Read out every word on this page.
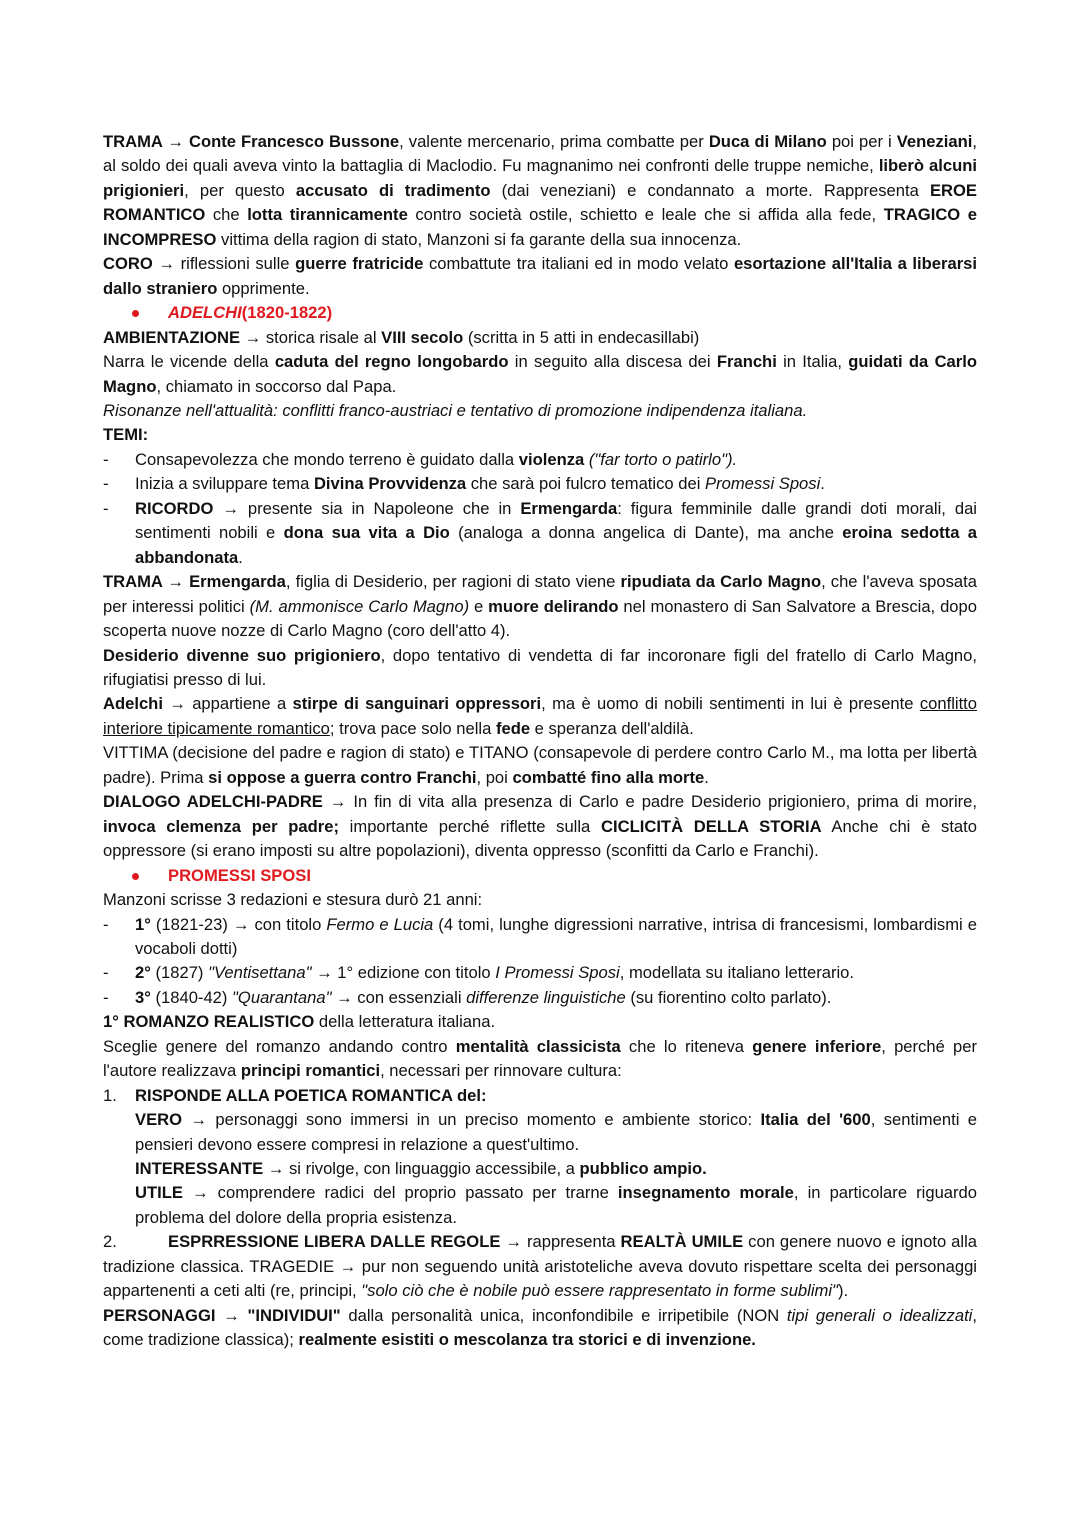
TRAMA → Conte Francesco Bussone, valente mercenario, prima combatte per Duca di Milano poi per i Veneziani, al soldo dei quali aveva vinto la battaglia di Maclodio. Fu magnanimo nei confronti delle truppe nemiche, liberò alcuni prigionieri, per questo accusato di tradimento (dai veneziani) e condannato a morte. Rappresenta EROE ROMANTICO che lotta tirannicamente contro società ostile, schietto e leale che si affida alla fede, TRAGICO e INCOMPRESO vittima della ragion di stato, Manzoni si fa garante della sua innocenza.

CORO → riflessioni sulle guerre fratricide combattute tra italiani ed in modo velato esortazione all'Italia a liberarsi dallo straniero opprimente.

ADELCHI (1820-1822)

AMBIENTAZIONE → storica risale al VIII secolo (scritta in 5 atti in endecasillabi)

Narra le vicende della caduta del regno longobardo in seguito alla discesa dei Franchi in Italia, guidati da Carlo Magno, chiamato in soccorso dal Papa.

Risonanze nell'attualità: conflitti franco-austriaci e tentativo di promozione indipendenza italiana.

TEMI:

-	Consapevolezza che mondo terreno è guidato dalla violenza ("far torto o patirlo").
-	Inizia a sviluppare tema Divina Provvidenza che sarà poi fulcro tematico dei Promessi Sposi.
-	RICORDO → presente sia in Napoleone che in Ermengarda: figura femminile dalle grandi doti morali, dai sentimenti nobili e dona sua vita a Dio (analoga a donna angelica di Dante), ma anche eroina sedotta a abbandonata.

TRAMA → Ermengarda, figlia di Desiderio, per ragioni di stato viene ripudiata da Carlo Magno, che l'aveva sposata per interessi politici (M. ammonisce Carlo Magno) e muore delirando nel monastero di San Salvatore a Brescia, dopo scoperta nuove nozze di Carlo Magno (coro dell'atto 4).

Desiderio divenne suo prigioniero, dopo tentativo di vendetta di far incoronare figli del fratello di Carlo Magno, rifugiatisi presso di lui.

Adelchi → appartiene a stirpe di sanguinari oppressori, ma è uomo di nobili sentimenti in lui è presente conflitto interiore tipicamente romantico; trova pace solo nella fede e speranza dell'aldilà.

VITTIMA (decisione del padre e ragion di stato) e TITANO (consapevole di perdere contro Carlo M., ma lotta per libertà padre). Prima si oppose a guerra contro Franchi, poi combatté fino alla morte.

DIALOGO ADELCHI-PADRE → In fin di vita alla presenza di Carlo e padre Desiderio prigioniero, prima di morire, invoca clemenza per padre; importante perché riflette sulla CICLICITÀ DELLA STORIA Anche chi è stato oppressore (si erano imposti su altre popolazioni), diventa oppresso (sconfitti da Carlo e Franchi).

PROMESSI SPOSI

Manzoni scrisse 3 redazioni e stesura durò 21 anni:

-	1° (1821-23) → con titolo Fermo e Lucia (4 tomi, lunghe digressioni narrative, intrisa di francesismi, lombardismi e vocaboli dotti)
-	2° (1827) "Ventisettana" → 1° edizione con titolo I Promessi Sposi, modellata su italiano letterario.
-	3° (1840-42) "Quarantana" → con essenziali differenze linguistiche (su fiorentino colto parlato).

1° ROMANZO REALISTICO della letteratura italiana.

Sceglie genere del romanzo andando contro mentalità classicista che lo riteneva genere inferiore, perché per l'autore realizzava principi romantici, necessari per rinnovare cultura:

1.	RISPONDE ALLA POETICA ROMANTICA del:

VERO → personaggi sono immersi in un preciso momento e ambiente storico: Italia del '600, sentimenti e pensieri devono essere compresi in relazione a quest'ultimo.

INTERESSANTE → si rivolge, con linguaggio accessibile, a pubblico ampio.

UTILE → comprendere radici del proprio passato per trarne insegnamento morale, in particolare riguardo problema del dolore della propria esistenza.

2.	ESPRRESSIONE LIBERA DALLE REGOLE → rappresenta REALTÀ UMILE con genere nuovo e ignoto alla tradizione classica. TRAGEDIE → pur non seguendo unità aristoteliche aveva dovuto rispettare scelta dei personaggi appartenenti a ceti alti (re, principi, "solo ciò che è nobile può essere rappresentato in forme sublimi").

PERSONAGGI → "INDIVIDUI" dalla personalità unica, inconfondibile e irripetibile (NON tipi generali o idealizzati, come tradizione classica); realmente esistiti o mescolanza tra storici e di invenzione.
